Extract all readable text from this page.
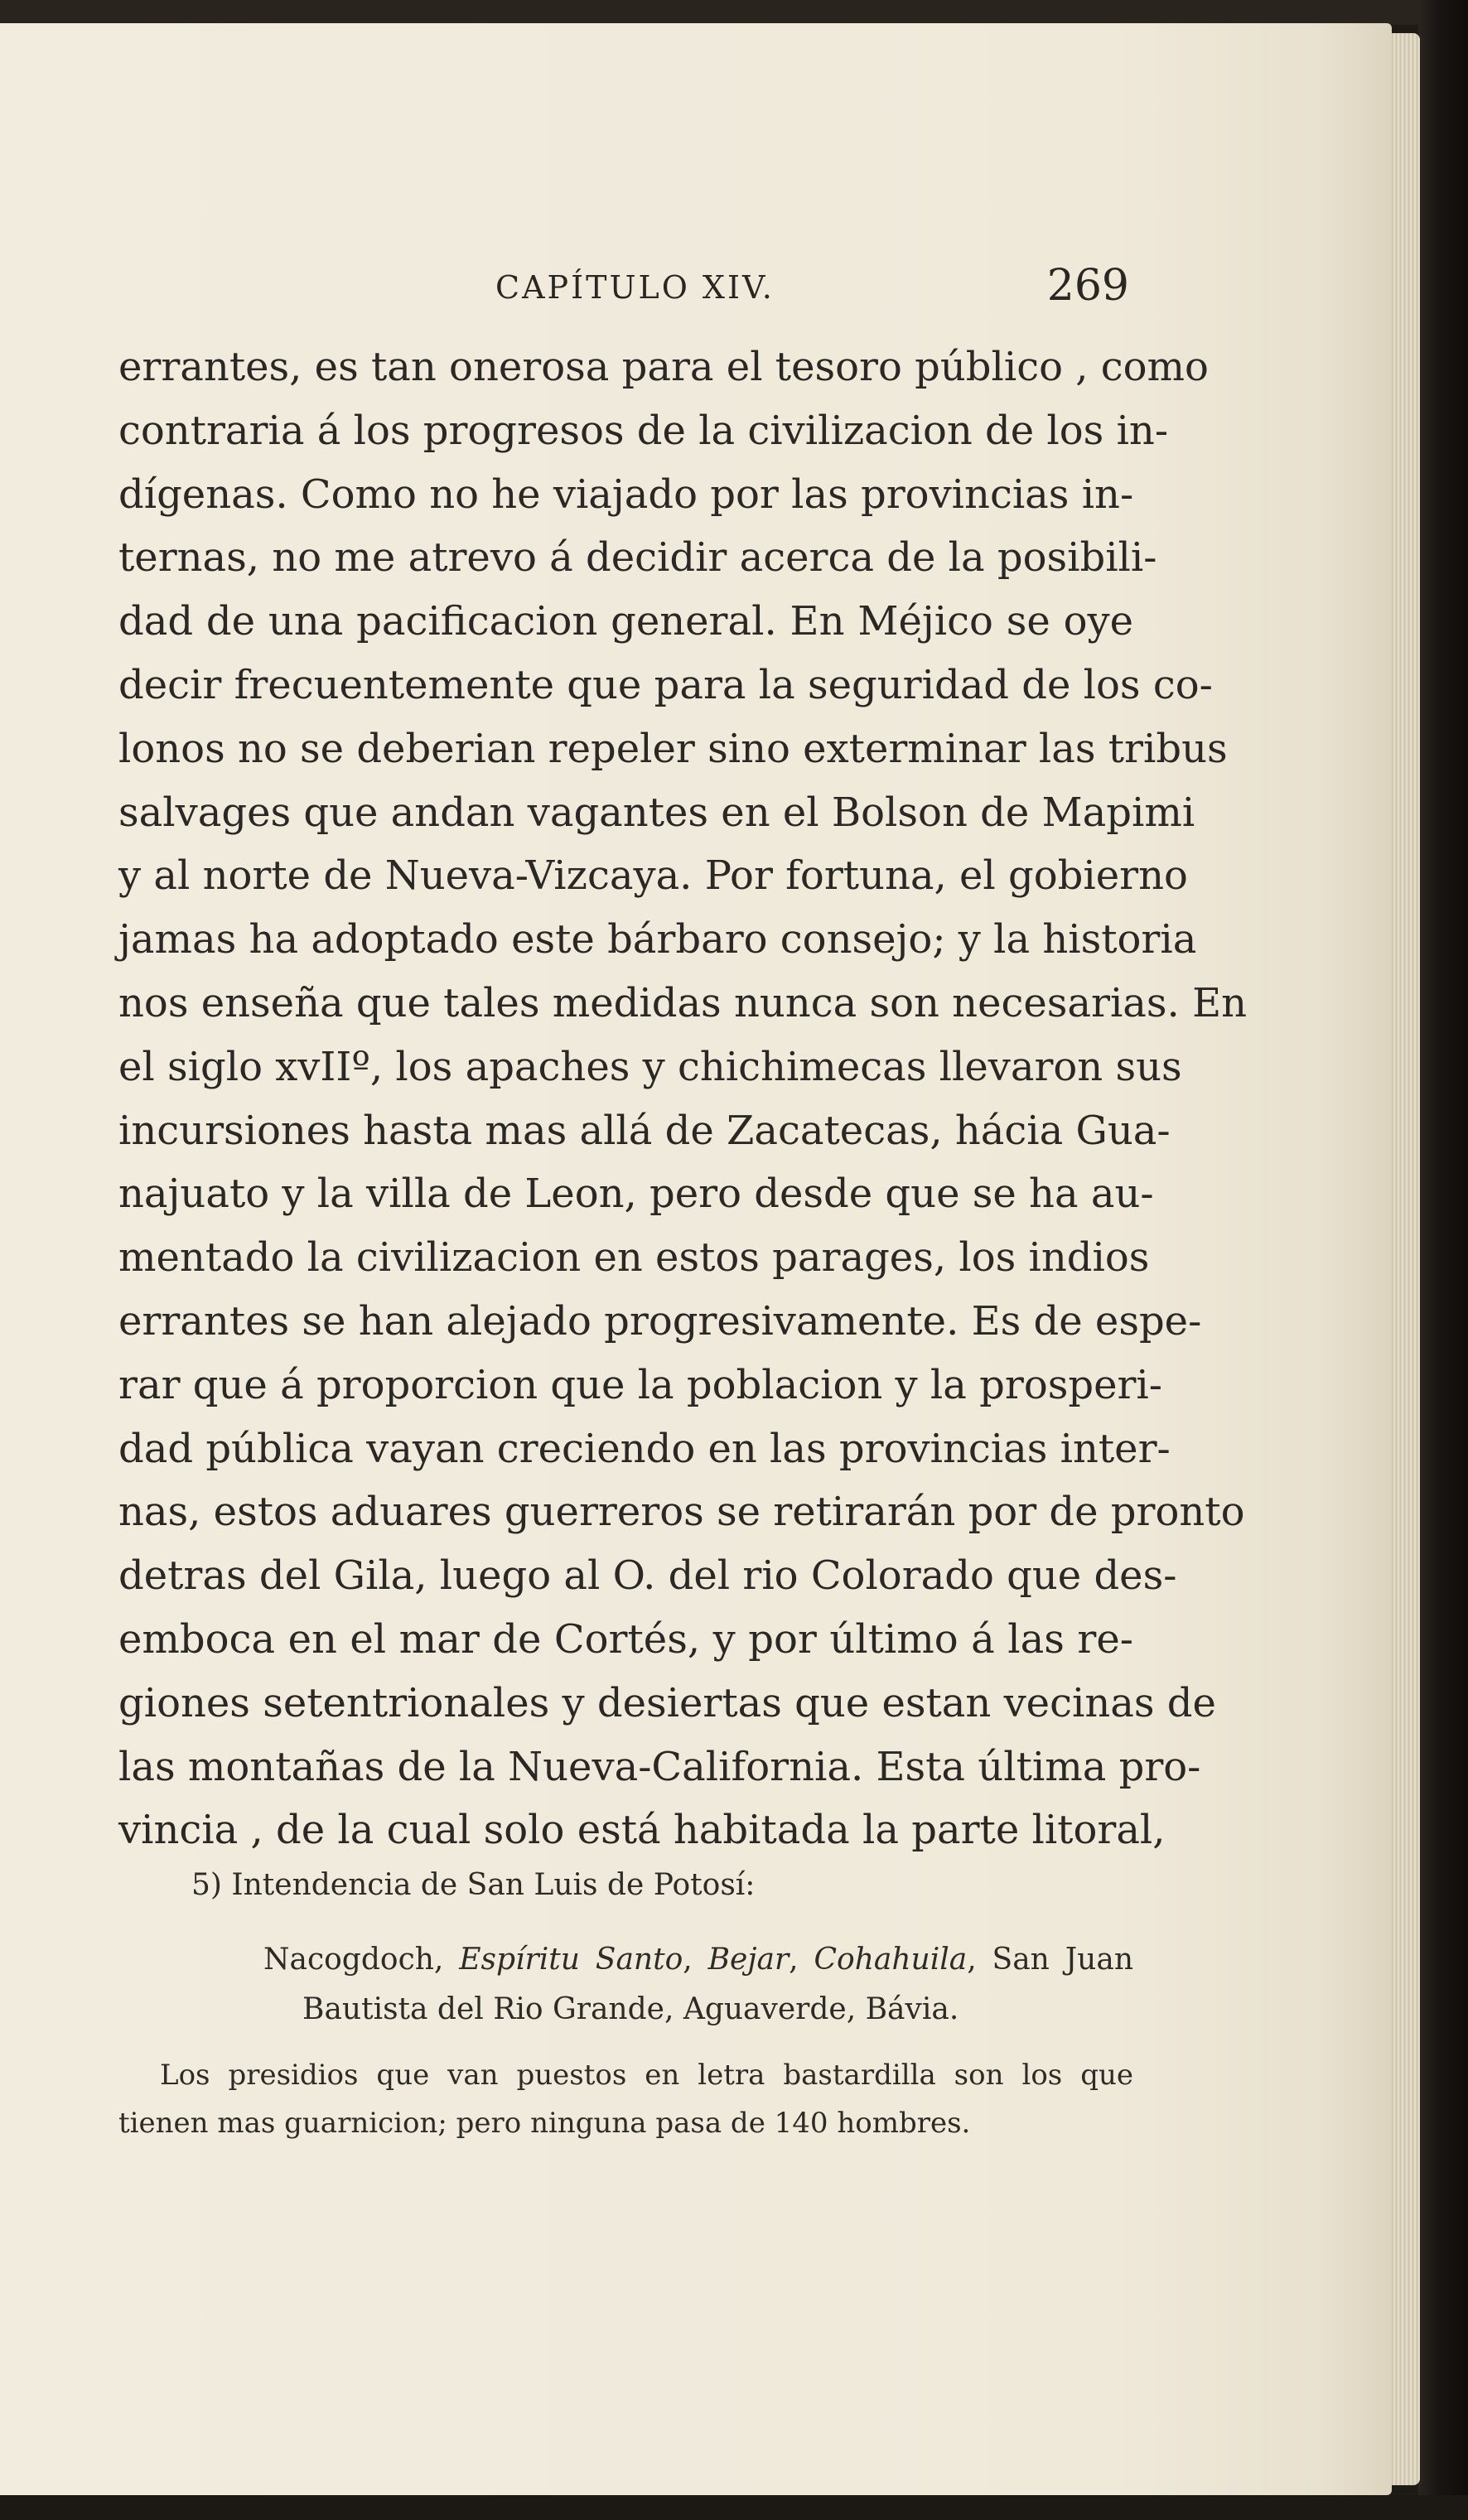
CAPÍTULO XIV.	269
errantes, es tan onerosa para el tesoro público , como
contraria á los progresos de la civilizacion de los in-
dígenas. Como no he viajado por las provincias in-
ternas, no me atrevo á decidir acerca de la posibili-
dad de una pacificacion general. En Méjico se oye
decir frecuentemente que para la seguridad de los co-
lonos no se deberian repeler sino exterminar las tribus
salvages que andan vagantes en el Bolson de Mapimi
y al norte de Nueva-Vizcaya. Por fortuna, el gobierno
jamas ha adoptado este bárbaro consejo; y la historia
nos enseña que tales medidas nunca son necesarias. En
el siglo xvIIº, los apaches y chichimecas llevaron sus
incursiones hasta mas allá de Zacatecas, hácia Gua-
najuato y la villa de Leon, pero desde que se ha au-
mentado la civilizacion en estos parages, los indios
errantes se han alejado progresivamente. Es de espe-
rar que á proporcion que la poblacion y la prosperi-
dad pública vayan creciendo en las provincias inter-
nas, estos aduares guerreros se retirarán por de pronto
detras del Gila, luego al O. del rio Colorado que des-
emboca en el mar de Cortés, y por último á las re-
giones setentrionales y desiertas que estan vecinas de
las montañas de la Nueva-California. Esta última pro-
vincia , de la cual solo está habitada la parte litoral,
5) Intendencia de San Luis de Potosí:
Nacogdoch, Espíritu Santo, Bejar, Cohahuila, San Juan
Bautista del Rio Grande, Aguaverde, Bávia.
Los presidios que van puestos en letra bastardilla son los que
tienen mas guarnicion; pero ninguna pasa de 140 hombres.
